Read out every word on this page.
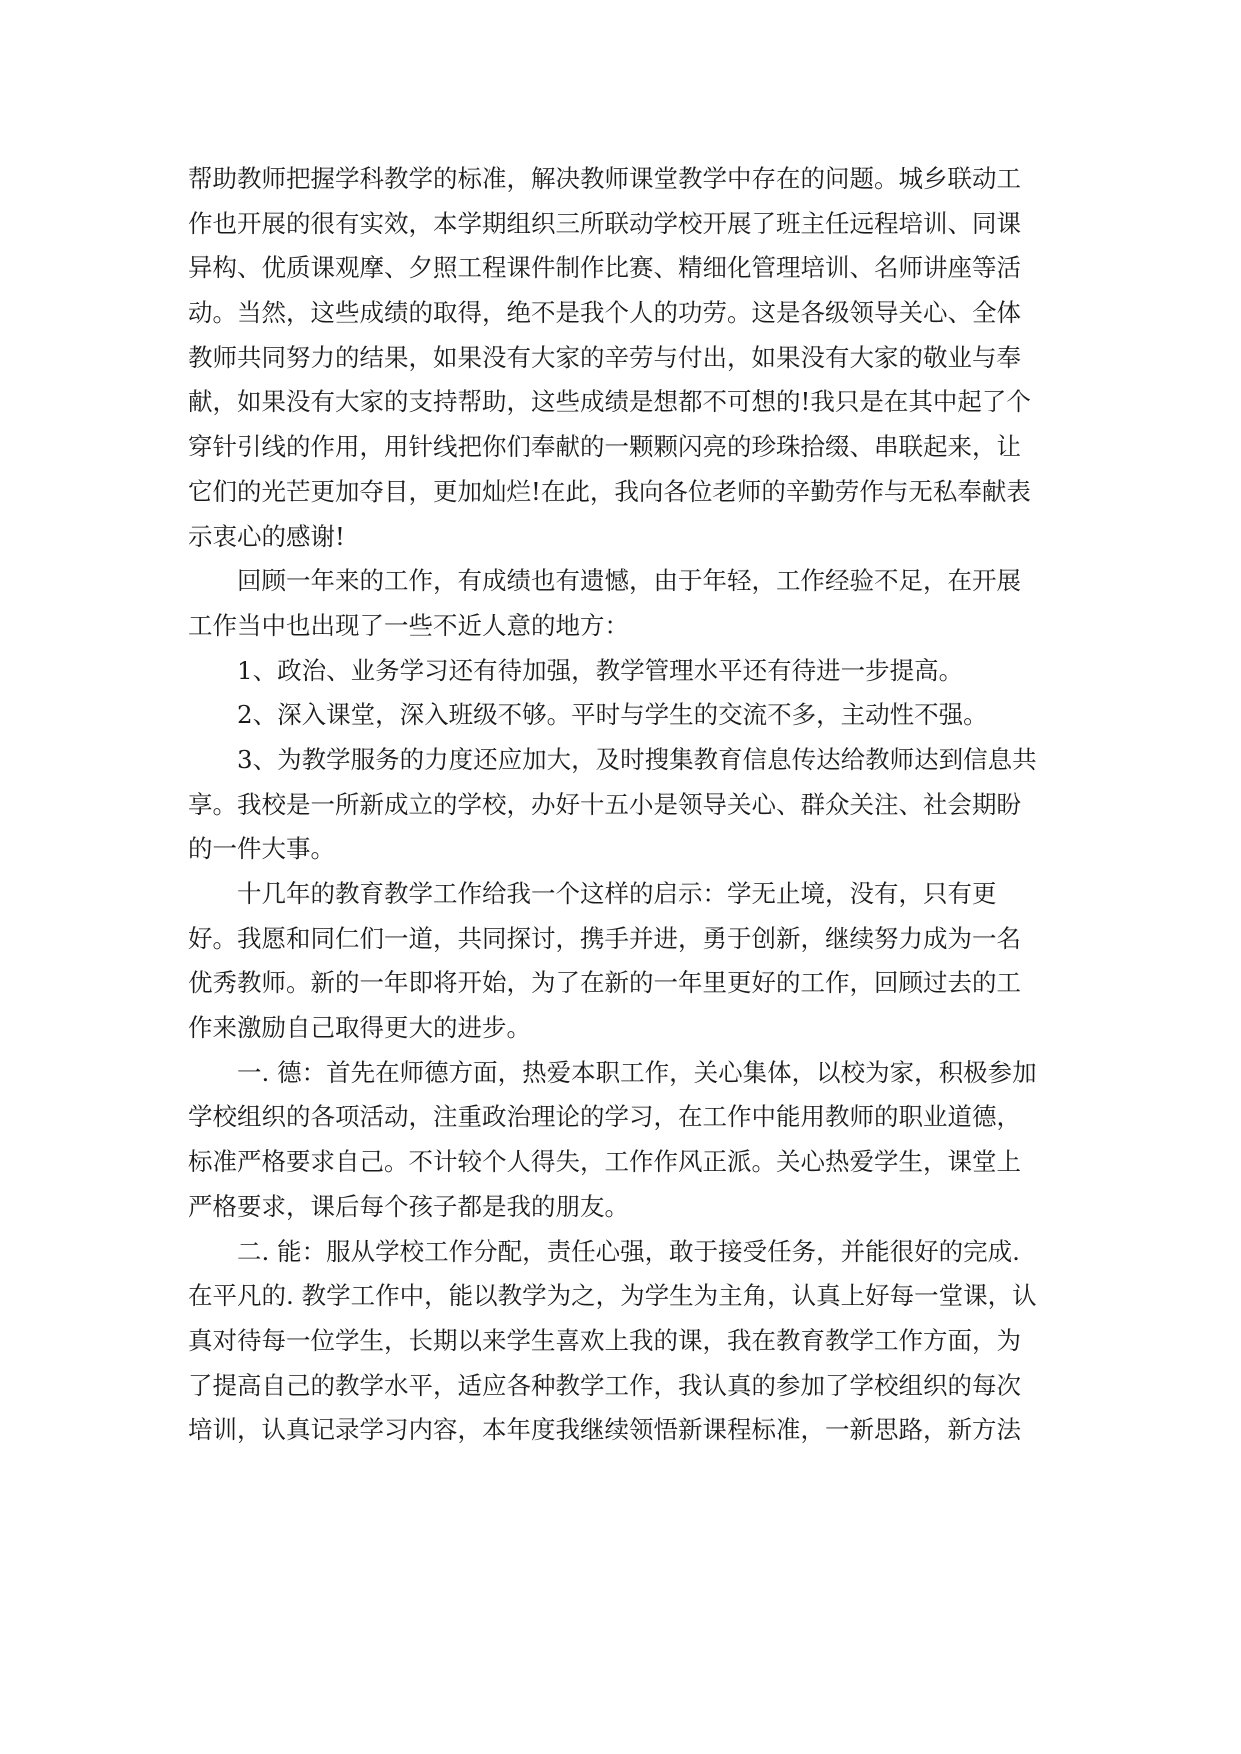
帮助教师把握学科教学的标准，解决教师课堂教学中存在的问题。城乡联动工
作也开展的很有实效，本学期组织三所联动学校开展了班主任远程培训、同课
异构、优质课观摩、夕照工程课件制作比赛、精细化管理培训、名师讲座等活
动。当然，这些成绩的取得，绝不是我个人的功劳。这是各级领导关心、全体
教师共同努力的结果，如果没有大家的辛劳与付出，如果没有大家的敬业与奉
献，如果没有大家的支持帮助，这些成绩是想都不可想的!我只是在其中起了个
穿针引线的作用，用针线把你们奉献的一颗颗闪亮的珍珠拾缀、串联起来，让
它们的光芒更加夺目，更加灿烂!在此，我向各位老师的辛勤劳作与无私奉献表
示衷心的感谢!
回顾一年来的工作，有成绩也有遗憾，由于年轻，工作经验不足，在开展
工作当中也出现了一些不近人意的地方：
1、政治、业务学习还有待加强，教学管理水平还有待进一步提高。
2、深入课堂，深入班级不够。平时与学生的交流不多，主动性不强。
3、为教学服务的力度还应加大，及时搜集教育信息传达给教师达到信息共
享。我校是一所新成立的学校，办好十五小是领导关心、群众关注、社会期盼
的一件大事。
十几年的教育教学工作给我一个这样的启示：学无止境，没有，只有更
好。我愿和同仁们一道，共同探讨，携手并进，勇于创新，继续努力成为一名
优秀教师。新的一年即将开始，为了在新的一年里更好的工作，回顾过去的工
作来激励自己取得更大的进步。
一. 德：首先在师德方面，热爱本职工作，关心集体，以校为家，积极参加
学校组织的各项活动，注重政治理论的学习，在工作中能用教师的职业道德，
标准严格要求自己。不计较个人得失，工作作风正派。关心热爱学生，课堂上
严格要求，课后每个孩子都是我的朋友。
二. 能：服从学校工作分配，责任心强，敢于接受任务，并能很好的完成.
在平凡的. 教学工作中，能以教学为之，为学生为主角，认真上好每一堂课，认
真对待每一位学生，长期以来学生喜欢上我的课，我在教育教学工作方面，为
了提高自己的教学水平，适应各种教学工作，我认真的参加了学校组织的每次
培训，认真记录学习内容，本年度我继续领悟新课程标准，一新思路，新方法
